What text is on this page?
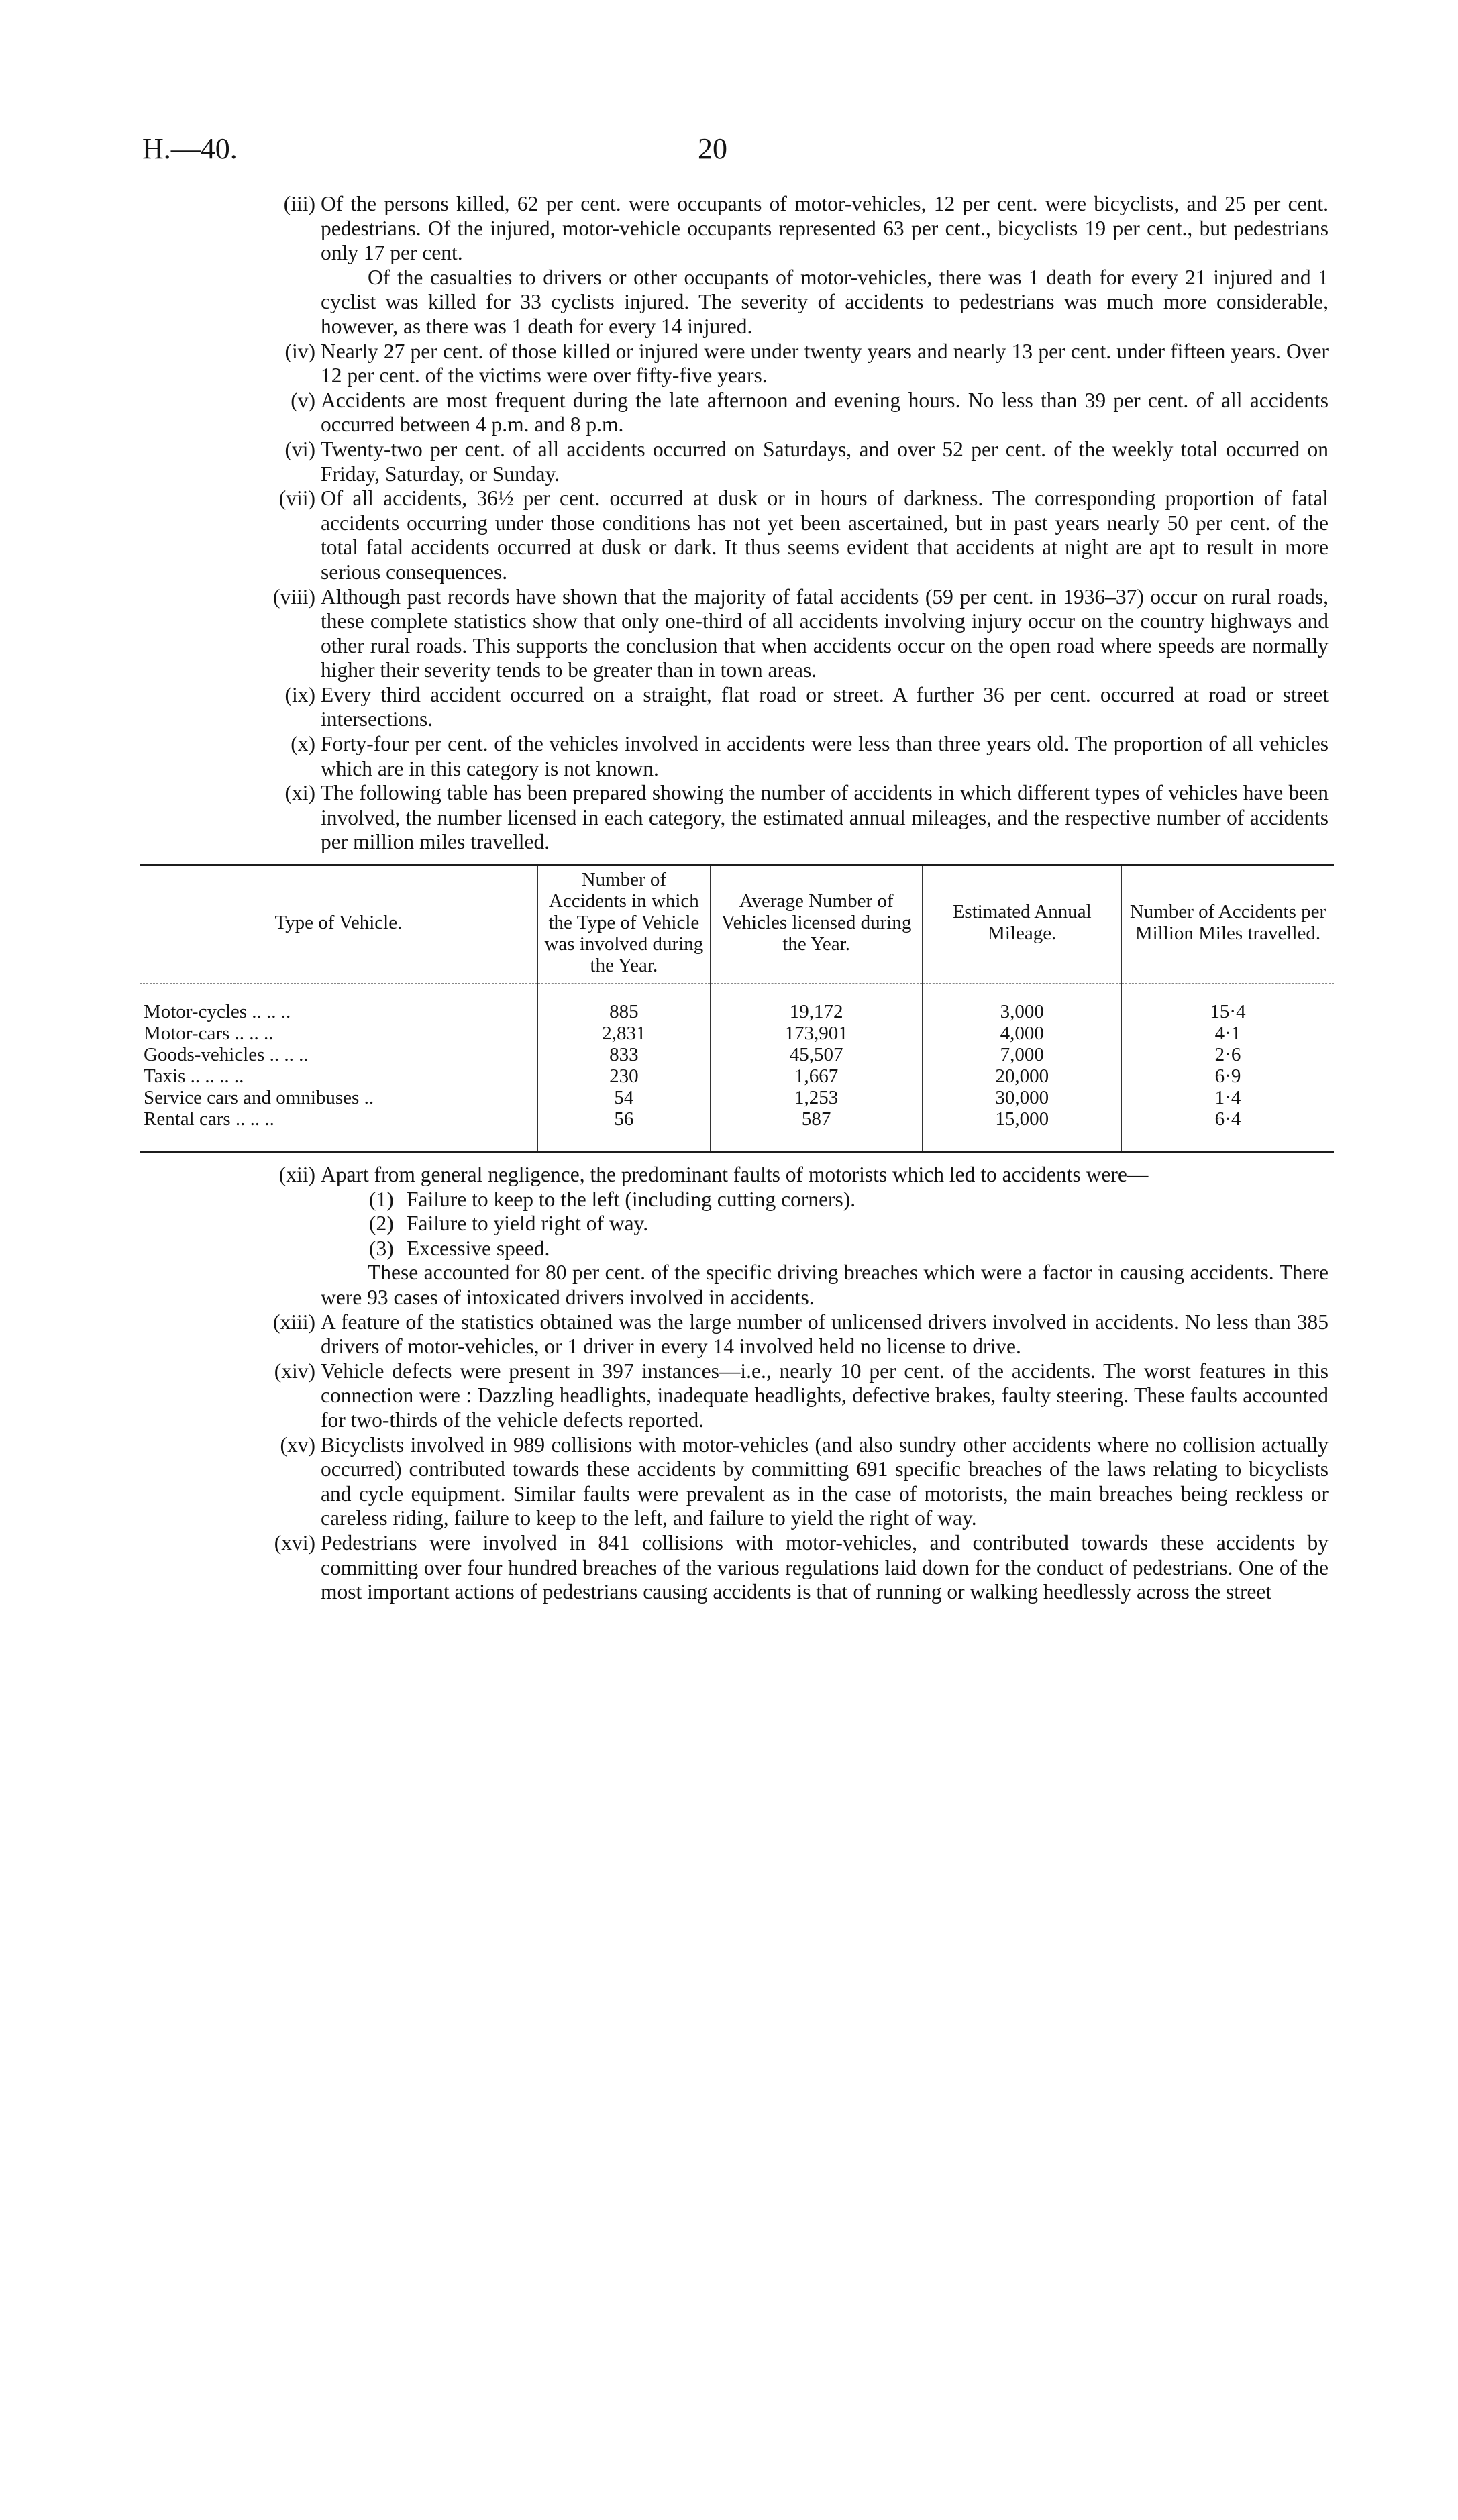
H.—40.	20
(iii) Of the persons killed, 62 per cent. were occupants of motor-vehicles, 12 per cent. were bicyclists, and 25 per cent. pedestrians. Of the injured, motor-vehicle occupants represented 63 per cent., bicyclists 19 per cent., but pedestrians only 17 per cent.
Of the casualties to drivers or other occupants of motor-vehicles, there was 1 death for every 21 injured and 1 cyclist was killed for 33 cyclists injured. The severity of accidents to pedestrians was much more considerable, however, as there was 1 death for every 14 injured.
(iv) Nearly 27 per cent. of those killed or injured were under twenty years and nearly 13 per cent. under fifteen years. Over 12 per cent. of the victims were over fifty-five years.
(v) Accidents are most frequent during the late afternoon and evening hours. No less than 39 per cent. of all accidents occurred between 4 p.m. and 8 p.m.
(vi) Twenty-two per cent. of all accidents occurred on Saturdays, and over 52 per cent. of the weekly total occurred on Friday, Saturday, or Sunday.
(vii) Of all accidents, 36½ per cent. occurred at dusk or in hours of darkness. The corresponding proportion of fatal accidents occurring under those conditions has not yet been ascertained, but in past years nearly 50 per cent. of the total fatal accidents occurred at dusk or dark. It thus seems evident that accidents at night are apt to result in more serious consequences.
(viii) Although past records have shown that the majority of fatal accidents (59 per cent. in 1936–37) occur on rural roads, these complete statistics show that only one-third of all accidents involving injury occur on the country highways and other rural roads. This supports the conclusion that when accidents occur on the open road where speeds are normally higher their severity tends to be greater than in town areas.
(ix) Every third accident occurred on a straight, flat road or street. A further 36 per cent. occurred at road or street intersections.
(x) Forty-four per cent. of the vehicles involved in accidents were less than three years old. The proportion of all vehicles which are in this category is not known.
(xi) The following table has been prepared showing the number of accidents in which different types of vehicles have been involved, the number licensed in each category, the estimated annual mileages, and the respective number of accidents per million miles travelled.
Type of Vehicle.	Number of Accidents in which the Type of Vehicle was involved during the Year.	Average Number of Vehicles licensed during the Year.	Estimated Annual Mileage.	Number of Accidents per Million Miles travelled.

Motor-cycles .. .. ..	885	19,172	3,000	15·4
Motor-cars .. .. ..	2,831	173,901	4,000	4·1
Goods-vehicles .. .. ..	833	45,507	7,000	2·6
Taxis .. .. .. ..	230	1,667	20,000	6·9
Service cars and omnibuses ..	54	1,253	30,000	1·4
Rental cars .. .. ..	56	587	15,000	6·4

(xii) Apart from general negligence, the predominant faults of motorists which led to accidents were—
(1) Failure to keep to the left (including cutting corners).
(2) Failure to yield right of way.
(3) Excessive speed.
These accounted for 80 per cent. of the specific driving breaches which were a factor in causing accidents. There were 93 cases of intoxicated drivers involved in accidents.
(xiii) A feature of the statistics obtained was the large number of unlicensed drivers involved in accidents. No less than 385 drivers of motor-vehicles, or 1 driver in every 14 involved held no license to drive.
(xiv) Vehicle defects were present in 397 instances—i.e., nearly 10 per cent. of the accidents. The worst features in this connection were : Dazzling headlights, inadequate headlights, defective brakes, faulty steering. These faults accounted for two-thirds of the vehicle defects reported.
(xv) Bicyclists involved in 989 collisions with motor-vehicles (and also sundry other accidents where no collision actually occurred) contributed towards these accidents by committing 691 specific breaches of the laws relating to bicyclists and cycle equipment. Similar faults were prevalent as in the case of motorists, the main breaches being reckless or careless riding, failure to keep to the left, and failure to yield the right of way.
(xvi) Pedestrians were involved in 841 collisions with motor-vehicles, and contributed towards these accidents by committing over four hundred breaches of the various regulations laid down for the conduct of pedestrians. One of the most important actions of pedestrians causing accidents is that of running or walking heedlessly across the street
